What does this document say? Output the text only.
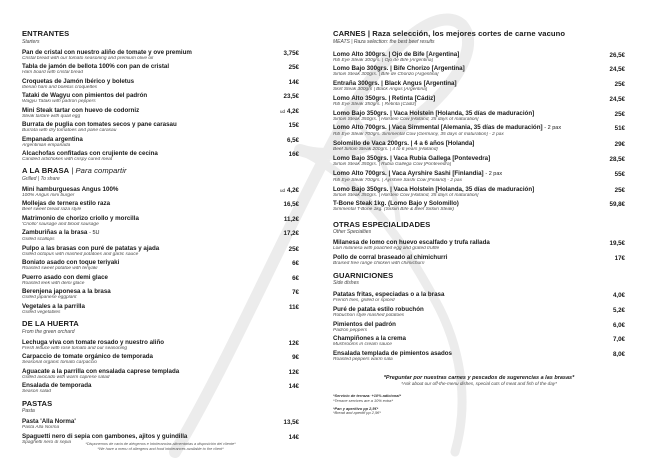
ENTRANTES
Starters
Pan de cristal con nuestro aliño de tomate y ove premium
Cristal bread with our tomato seasoning and premium olive oil
3,75€
Tabla de jamón de bellota 100% con pan de cristal
Ham board with cristal bread
25€
Croquetas de Jamón Ibérico y boletus
Iberian ham and boletus croquettes
14€
Tataki de Wagyu con pimientos del padrón
Wagyu Tataki with padron peppers
23,5€
Mini Steak tartar con huevo de codorniz
Steak tartare with quail egg
ud 4,2€
Burrata de puglia con tomates secos y pane carasau
Burrata with dry tomatoes and pane carasau
15€
Empanada argentina
Argentinian empanada
6,5€
Alcachofas confitadas con crujiente de cecina
Candied artichokes with crispy cured meat
16€
A LA BRASA | Para compartir
Grilled | To share
Mini hamburguesas Angus 100%
100% Angus mini burger
ud 4,2€
Mollejas de ternera estilo raza
Beef sweet bread raza style
16,5€
Matrimonio de chorizo criollo y morcilla
'Criollo' sausage and blood sausage
11,2€
Zamburiñas a la brasa - 5U
Grilled scallops
17,2€
Pulpo a las brasas con puré de patatas y ajada
Grilled octopus with mashed potatoes and garlic sauce
25€
Boniato asado con toque teriyaki
Roasted sweet potatoe with teriyaki
6€
Puerro asado con demi glace
Roasted leek with demi glace
6€
Berenjena japonesa a la brasa
Grilled japanese eggplant
7€
Vegetales a la parrilla
Grilled vegetables
11€
DE LA HUERTA
From the green orchard
Lechuga viva con tomate rosado y nuestro aliño
Fresh lettuce with rosé tomato and our seasoning
12€
Carpaccio de tomate orgánico de temporada
Seasonal organic tomato carpaccio
9€
Aguacate a la parrilla con ensalada caprese templada
Grilled avocado with warm caprese salad
12€
Ensalada de temporada
Season salad
14€
PASTAS
Pasta
Pasta 'Alla Norma'
Pasta Alla Norma
13,5€
Spaguetti nero di sepia con gambones, ajitos y guindilla
Spaghetti nero di sepia
14€
*Disponemos de carta de alérgenos e Intolerancias alimentarias a disposición del cliente*
*We have a menu of allergens and food intolerances available to the client*
CARNES | Raza selección, los mejores cortes de carne vacuno
MEATS | Raza selection: the best beef results
Lomo Alto 300grs. | Ojo de Bife [Argentina]
Rib Eye Steak 300grs. | Ojo de Bife [Argentina]
26,5€
Lomo Bajo 300grs. | Bife Chorizo [Argentina]
Sirloin Steak 300grs. | Bife de Chorizo [Argentina]
24,5€
Entraña 300grs. | Black Angus [Argentina]
Skirt Steak 300grs | Black Angus [Argentina]
25€
Lomo Alto 350grs. | Retinta [Cádiz]
Rib Eye Steak 350grs. | Retinta [Cádiz]
24,5€
Lomo Bajo 350grs. | Vaca Holstein [Holanda, 35 días de maduración]
Sirloin Steak 350grs. | Holstein Cow [Holland, 35 days of maturation]
25€
Lomo Alto 700grs. | Vaca Simmental [Alemania, 35 días de maduración] - 2 pax
Rib Eye Steak 700grs. Simmental Cow [Germany, 35 days of maturation] - 2 pax
51€
Solomillo de Vaca 200grs. | 4 a 6 años [Holanda]
Beef Sirloin Steak 200grs. | 4 to 6 years [Holland]
29€
Lomo Bajo 350grs. | Vaca Rubia Gallega [Pontevedra]
Sirloin Steak 350grs. | Rubia Gallega Cow [Pontevedra]
28,5€
Lomo Alto 700grs. | Vaca Ayrshire Sashi [Finlandia] - 2 pax
Rib Eye Steak 700grs. | Ayrshire Sashi Cow [Finland] - 2 pax
55€
Lomo Bajo 350grs. | Vaca Holstein [Holanda, 35 días de maduración]
Sirloin Steak 350grs. | Holstein Cow [Holland, 35 days of maturation]
25€
T-Bone Steak 1kg. (Lomo Bajo y Solomillo)
Simmental T-Bone 1kg. (Sirloin Bife & Beef Sirloin Steak)
59,8€
OTRAS ESPECIALIDADES
Other Specialties
Milanesa de lomo con huevo escalfado y trufa rallada
Loin milanesa with poached egg and grated truffle
19,5€
Pollo de corral braseado al chimichurri
Braised free range chicken with chimichurri
17€
GUARNICIONES
Side dishes
Patatas fritas, especiadas o a la brasa
French fries, grilled or spiced
4,0€
Puré de patata estilo robuchón
Robuchon style mashed potatoes
5,2€
Pimientos del padrón
Padrón peppers
6,0€
Champiñones a la crema
Mushrooms in cream sauce
7,0€
Ensalada templada de pimientos asados
Roasted peppers warm sala
8,0€
*Preguntar por nuestras carnes y pescados de sugerencias a las brasas*
*Ask about our off-the-menu dishes, special cuts of meat and fish of the day*
*Servicio de terraza: +10% adicional*
*Terrace services are a 10% extra*
*Pan y aperitivo pp 2,5€*
*Bread and aperitif pp 2,5€*
